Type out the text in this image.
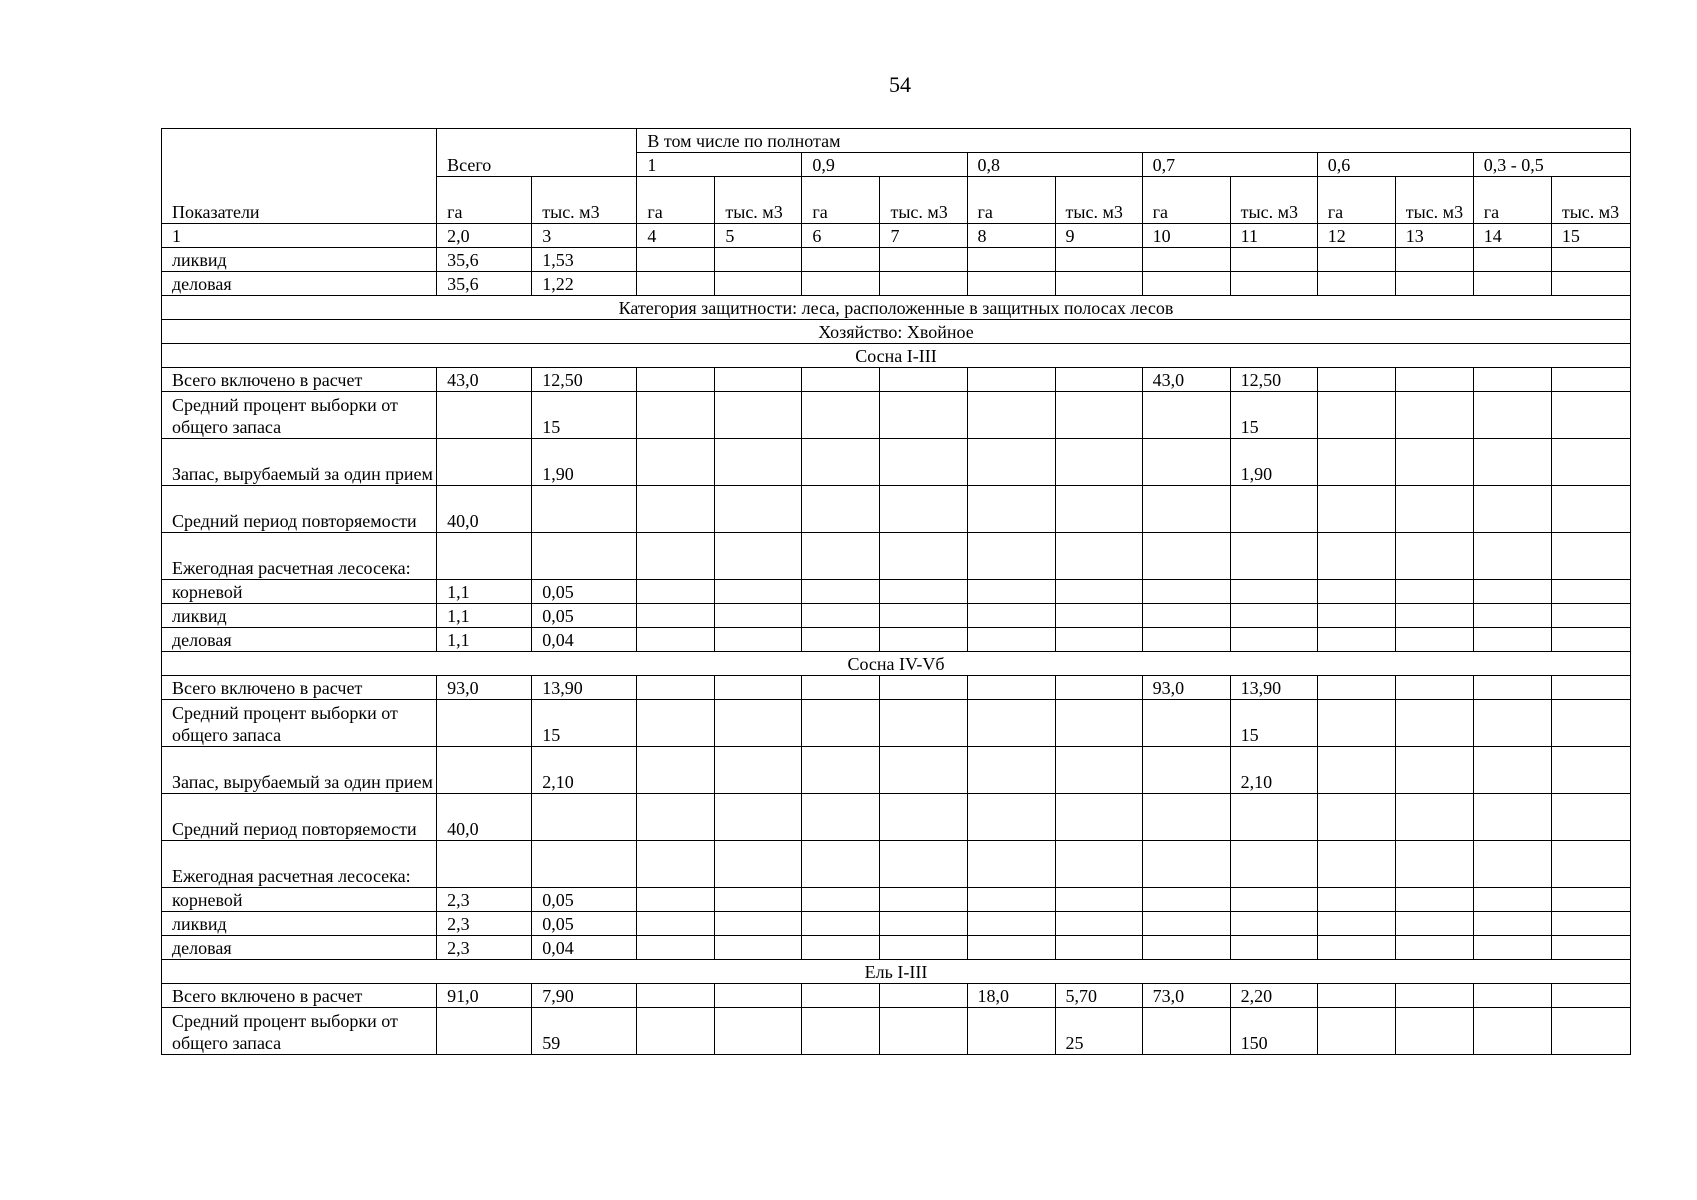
54
Показатели	Всего		В том числе по полнотам											
			1		0,9		0,8		0,7		0,6		0,3 - 0,5	
	га	тыс. м3	га	тыс. м3	га	тыс. м3	га	тыс. м3	га	тыс. м3	га	тыс. м3	га	тыс. м3
1	2,0	3	4	5	6	7	8	9	10	11	12	13	14	15
ликвид	35,6	1,53												
деловая	35,6	1,22												
Категория защитности: леса, расположенные в защитных полосах лесов														
Хозяйство: Хвойное														
Сосна I-III														
Всего включено в расчет	43,0	12,50							43,0	12,50				
Средний процент выборки от общего запаса		15								15				
Запас, вырубаемый за один прием		1,90								1,90				
Средний период повторяемости	40,0													
Ежегодная расчетная лесосека:														
корневой	1,1	0,05												
ликвид	1,1	0,05												
деловая	1,1	0,04												
Сосна IV-Vб														
Всего включено в расчет	93,0	13,90							93,0	13,90				
Средний процент выборки от общего запаса		15								15				
Запас, вырубаемый за один прием		2,10								2,10				
Средний период повторяемости	40,0													
Ежегодная расчетная лесосека:														
корневой	2,3	0,05												
ликвид	2,3	0,05												
деловая	2,3	0,04												
Ель I-III														
Всего включено в расчет	91,0	7,90					18,0	5,70	73,0	2,20				
Средний процент выборки от общего запаса		59						25		150				
